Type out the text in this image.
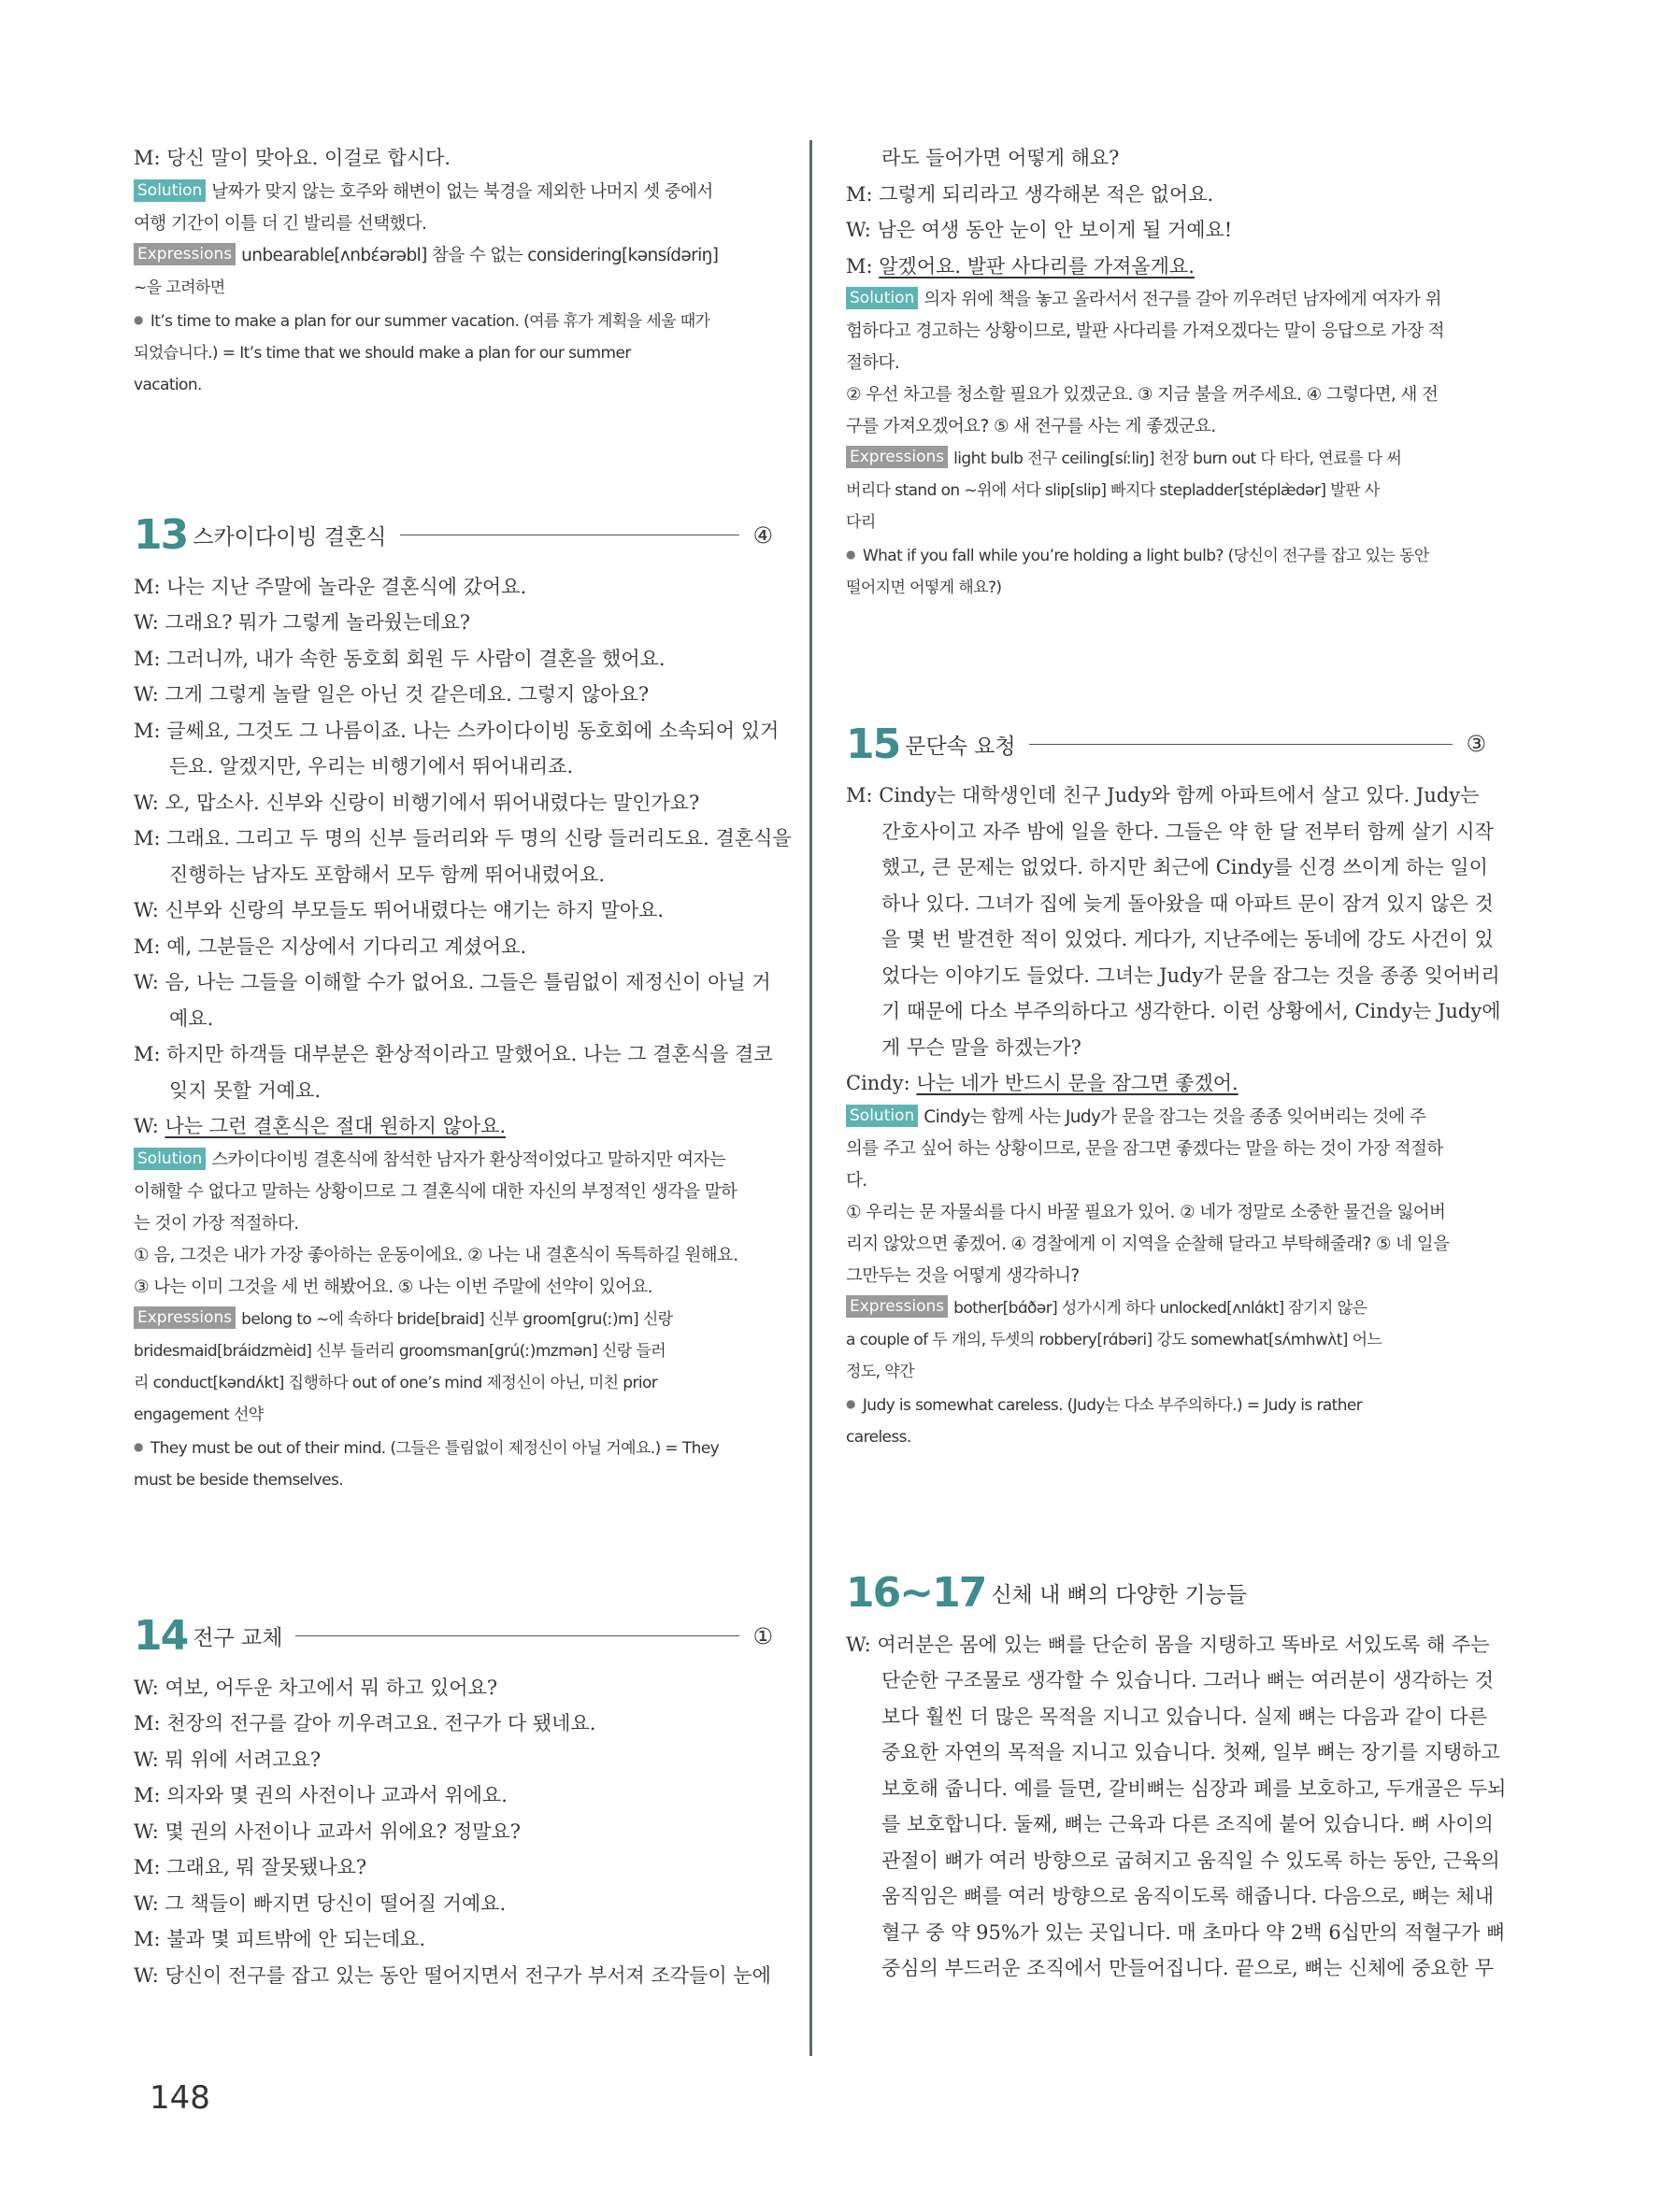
M: 당신 말이 맞아요. 이걸로 합시다.
Solution 날짜가 맞지 않는 호주와 해변이 없는 북경을 제외한 나머지 셋 중에서
여행 기간이 이틀 더 긴 발리를 선택했다.
Expressions unbearable[ʌnbɛ́ərəbl] 참을 수 없는 considering[kənsídəriŋ]
~을 고려하면
● It’s time to make a plan for our summer vacation. (여름 휴가 계획을 세울 때가
되었습니다.) = It’s time that we should make a plan for our summer
vacation.
13 스카이다이빙 결혼식	④
M: 나는 지난 주말에 놀라운 결혼식에 갔어요.
W: 그래요? 뭐가 그렇게 놀라웠는데요?
M: 그러니까, 내가 속한 동호회 회원 두 사람이 결혼을 했어요.
W: 그게 그렇게 놀랄 일은 아닌 것 같은데요. 그렇지 않아요?
M: 글쎄요, 그것도 그 나름이죠. 나는 스카이다이빙 동호회에 소속되어 있거
든요. 알겠지만, 우리는 비행기에서 뛰어내리죠.
W: 오, 맙소사. 신부와 신랑이 비행기에서 뛰어내렸다는 말인가요?
M: 그래요. 그리고 두 명의 신부 들러리와 두 명의 신랑 들러리도요. 결혼식을
진행하는 남자도 포함해서 모두 함께 뛰어내렸어요.
W: 신부와 신랑의 부모들도 뛰어내렸다는 얘기는 하지 말아요.
M: 예, 그분들은 지상에서 기다리고 계셨어요.
W: 음, 나는 그들을 이해할 수가 없어요. 그들은 틀림없이 제정신이 아닐 거
예요.
M: 하지만 하객들 대부분은 환상적이라고 말했어요. 나는 그 결혼식을 결코
잊지 못할 거예요.
W: 나는 그런 결혼식은 절대 원하지 않아요.
Solution 스카이다이빙 결혼식에 참석한 남자가 환상적이었다고 말하지만 여자는
이해할 수 없다고 말하는 상황이므로 그 결혼식에 대한 자신의 부정적인 생각을 말하
는 것이 가장 적절하다.
① 음, 그것은 내가 가장 좋아하는 운동이에요. ② 나는 내 결혼식이 독특하길 원해요.
③ 나는 이미 그것을 세 번 해봤어요. ⑤ 나는 이번 주말에 선약이 있어요.
Expressions belong to ~에 속하다 bride[braid] 신부 groom[gru(ː)m] 신랑
bridesmaid[bráidzmèid] 신부 들러리 groomsman[grú(ː)mzmən] 신랑 들러
리 conduct[kəndʌ́kt] 집행하다 out of one’s mind 제정신이 아닌, 미친 prior
engagement 선약
● They must be out of their mind. (그들은 틀림없이 제정신이 아닐 거예요.) = They
must be beside themselves.
14 전구 교체	①
W: 여보, 어두운 차고에서 뭐 하고 있어요?
M: 천장의 전구를 갈아 끼우려고요. 전구가 다 됐네요.
W: 뭐 위에 서려고요?
M: 의자와 몇 권의 사전이나 교과서 위에요.
W: 몇 권의 사전이나 교과서 위에요? 정말요?
M: 그래요, 뭐 잘못됐나요?
W: 그 책들이 빠지면 당신이 떨어질 거예요.
M: 불과 몇 피트밖에 안 되는데요.
W: 당신이 전구를 잡고 있는 동안 떨어지면서 전구가 부서져 조각들이 눈에
라도 들어가면 어떻게 해요?
M: 그렇게 되리라고 생각해본 적은 없어요.
W: 남은 여생 동안 눈이 안 보이게 될 거예요!
M: 알겠어요. 발판 사다리를 가져올게요.
Solution 의자 위에 책을 놓고 올라서서 전구를 갈아 끼우려던 남자에게 여자가 위
험하다고 경고하는 상황이므로, 발판 사다리를 가져오겠다는 말이 응답으로 가장 적
절하다.
② 우선 차고를 청소할 필요가 있겠군요. ③ 지금 불을 꺼주세요. ④ 그렇다면, 새 전
구를 가져오겠어요? ⑤ 새 전구를 사는 게 좋겠군요.
Expressions light bulb 전구 ceiling[síːliŋ] 천장 burn out 다 타다, 연료를 다 써
버리다 stand on ~위에 서다 slip[slip] 빠지다 stepladder[stéplæ̀dər] 발판 사
다리
● What if you fall while you’re holding a light bulb? (당신이 전구를 잡고 있는 동안
떨어지면 어떻게 해요?)
15 문단속 요청	③
M: Cindy는 대학생인데 친구 Judy와 함께 아파트에서 살고 있다. Judy는
간호사이고 자주 밤에 일을 한다. 그들은 약 한 달 전부터 함께 살기 시작
했고, 큰 문제는 없었다. 하지만 최근에 Cindy를 신경 쓰이게 하는 일이
하나 있다. 그녀가 집에 늦게 돌아왔을 때 아파트 문이 잠겨 있지 않은 것
을 몇 번 발견한 적이 있었다. 게다가, 지난주에는 동네에 강도 사건이 있
었다는 이야기도 들었다. 그녀는 Judy가 문을 잠그는 것을 종종 잊어버리
기 때문에 다소 부주의하다고 생각한다. 이런 상황에서, Cindy는 Judy에
게 무슨 말을 하겠는가?
Cindy: 나는 네가 반드시 문을 잠그면 좋겠어.
Solution Cindy는 함께 사는 Judy가 문을 잠그는 것을 종종 잊어버리는 것에 주
의를 주고 싶어 하는 상황이므로, 문을 잠그면 좋겠다는 말을 하는 것이 가장 적절하
다.
① 우리는 문 자물쇠를 다시 바꿀 필요가 있어. ② 네가 정말로 소중한 물건을 잃어버
리지 않았으면 좋겠어. ④ 경찰에게 이 지역을 순찰해 달라고 부탁해줄래? ⑤ 네 일을
그만두는 것을 어떻게 생각하니?
Expressions bother[bɑ́ðər] 성가시게 하다 unlocked[ʌnlɑ́kt] 잠기지 않은
a couple of 두 개의, 두셋의 robbery[rɑ́bəri] 강도 somewhat[sʌ́mhwʌ̀t] 어느
정도, 약간
● Judy is somewhat careless. (Judy는 다소 부주의하다.) = Judy is rather
careless.
16~17 신체 내 뼈의 다양한 기능들
W: 여러분은 몸에 있는 뼈를 단순히 몸을 지탱하고 똑바로 서있도록 해 주는
단순한 구조물로 생각할 수 있습니다. 그러나 뼈는 여러분이 생각하는 것
보다 훨씬 더 많은 목적을 지니고 있습니다. 실제 뼈는 다음과 같이 다른
중요한 자연의 목적을 지니고 있습니다. 첫째, 일부 뼈는 장기를 지탱하고
보호해 줍니다. 예를 들면, 갈비뼈는 심장과 폐를 보호하고, 두개골은 두뇌
를 보호합니다. 둘째, 뼈는 근육과 다른 조직에 붙어 있습니다. 뼈 사이의
관절이 뼈가 여러 방향으로 굽혀지고 움직일 수 있도록 하는 동안, 근육의
움직임은 뼈를 여러 방향으로 움직이도록 해줍니다. 다음으로, 뼈는 체내
혈구 중 약 95%가 있는 곳입니다. 매 초마다 약 2백 6십만의 적혈구가 뼈
중심의 부드러운 조직에서 만들어집니다. 끝으로, 뼈는 신체에 중요한 무
148
